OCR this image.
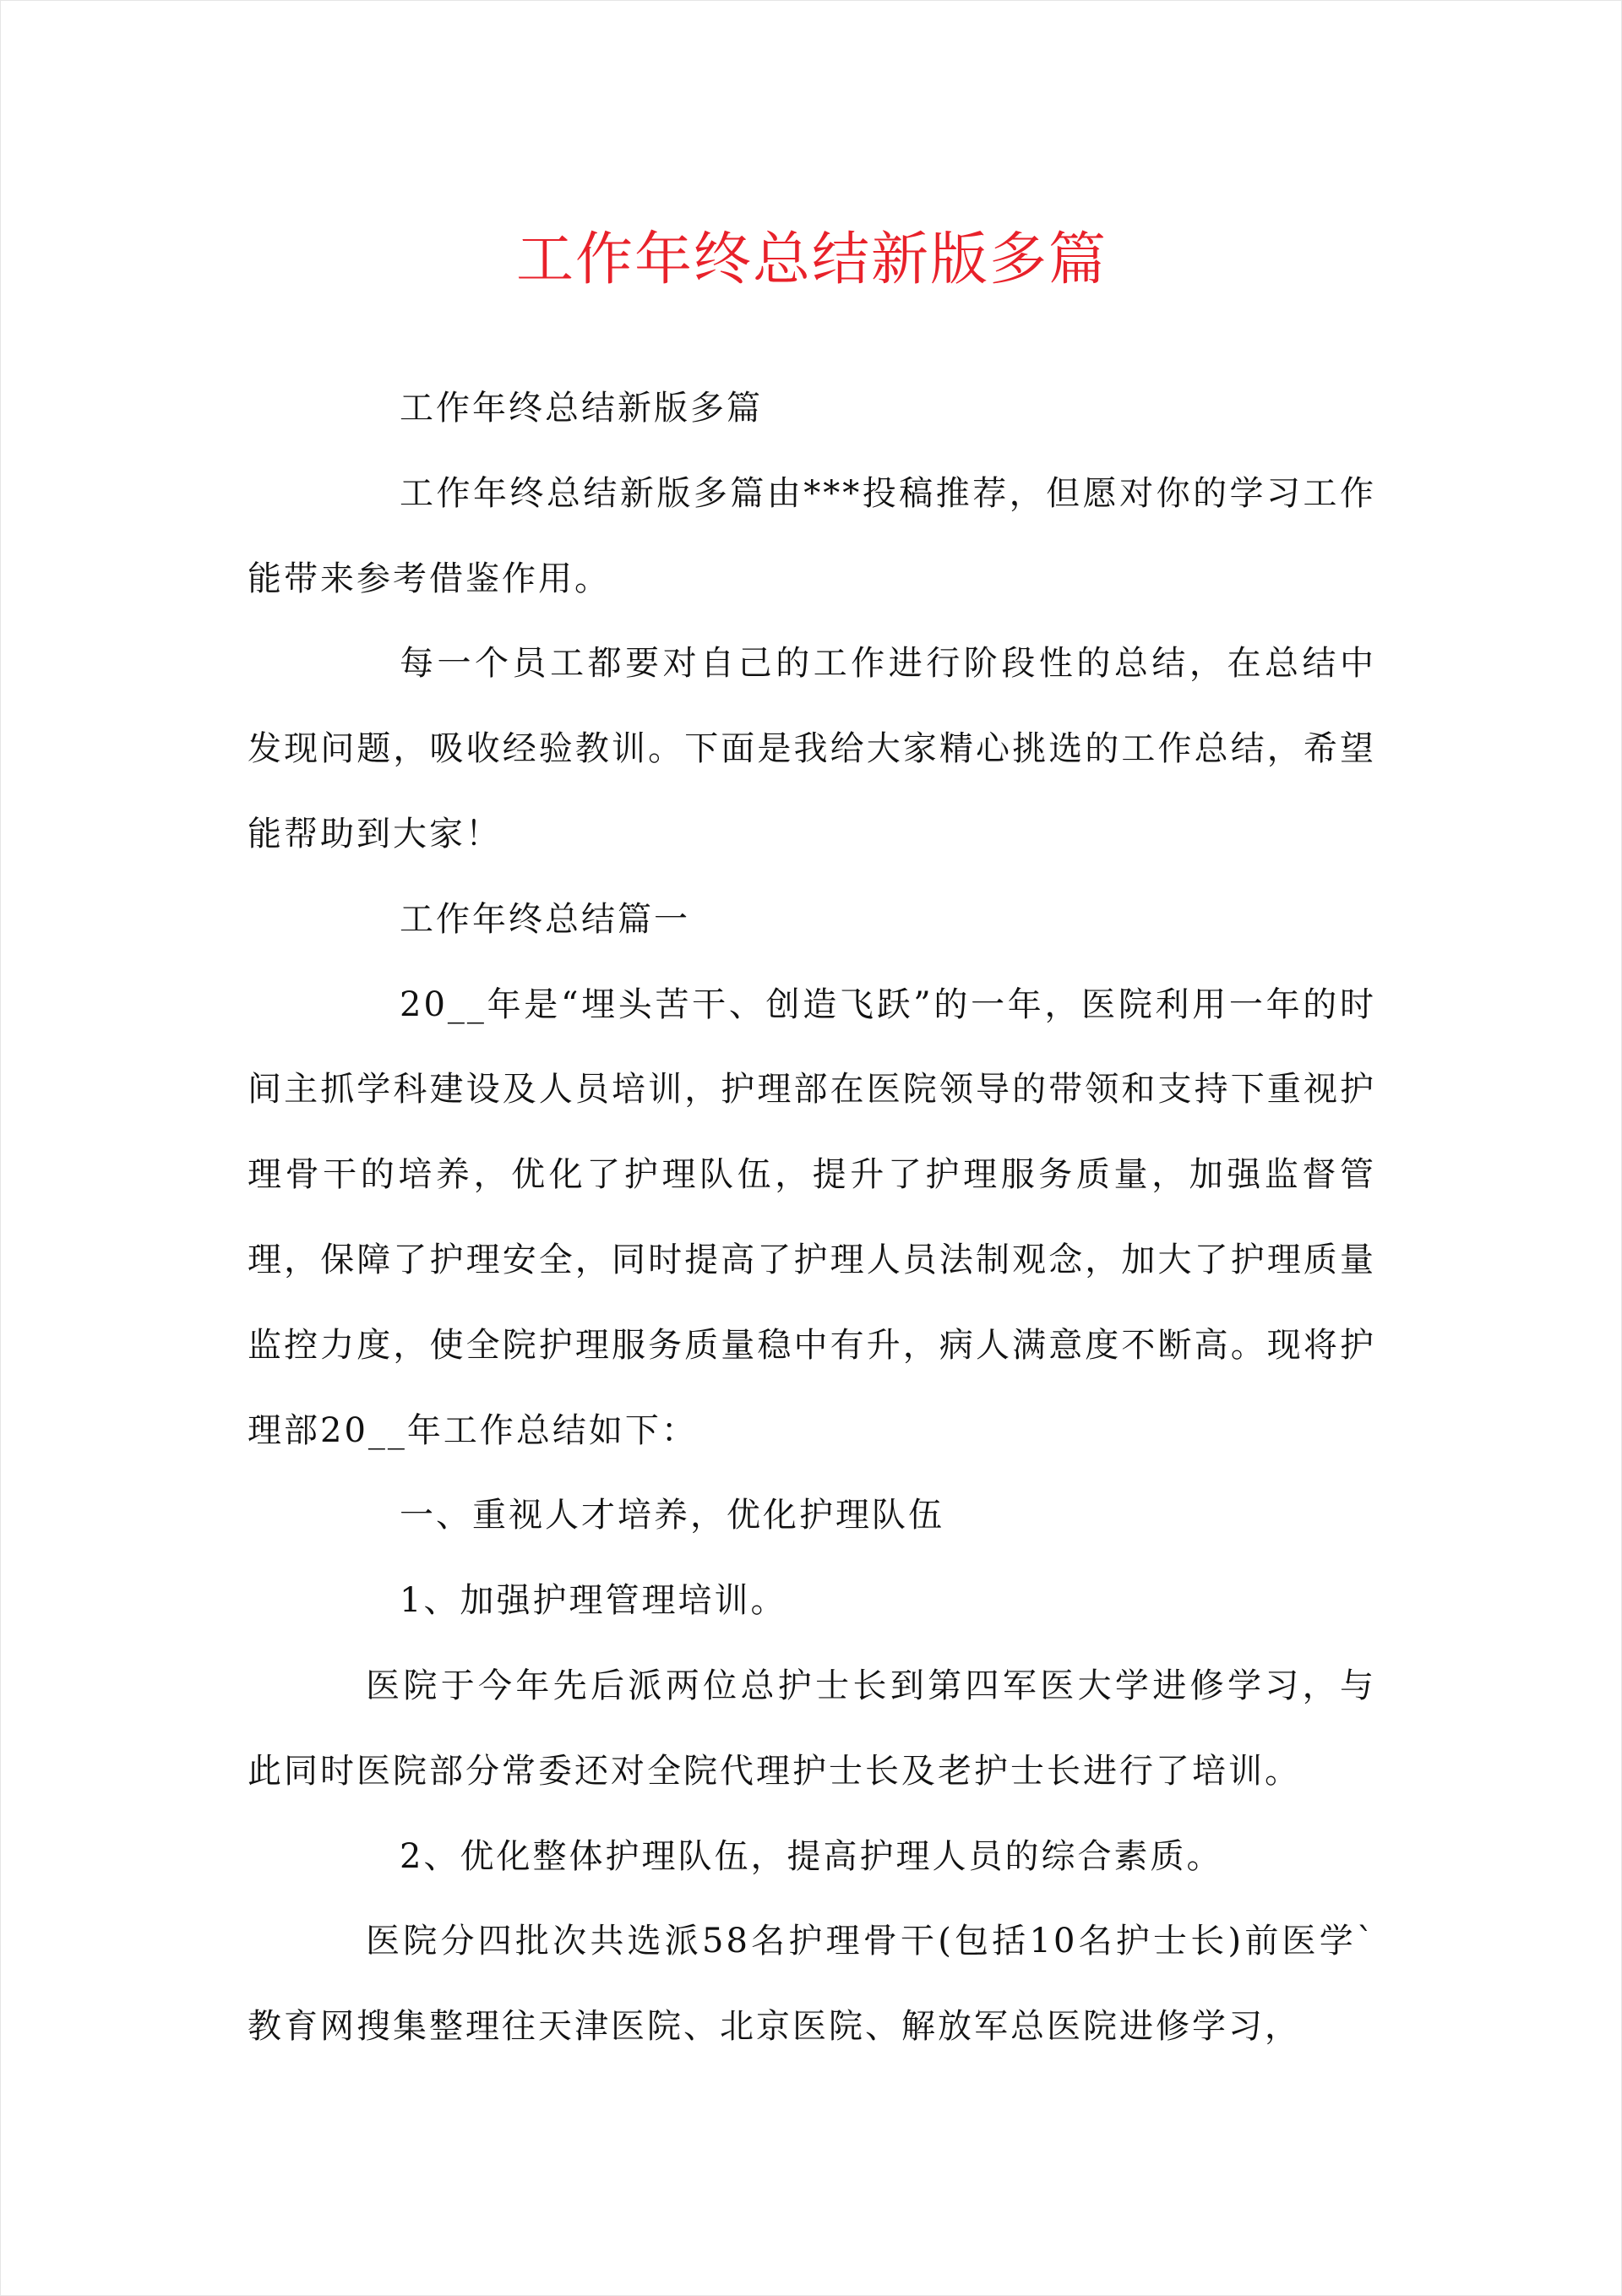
工作年终总结新版多篇

工作年终总结新版多篇

工作年终总结新版多篇由***投稿推荐，但愿对你的学习工作能带来参考借鉴作用。

每一个员工都要对自己的工作进行阶段性的总结，在总结中发现问题，吸收经验教训。下面是我给大家精心挑选的工作总结，希望能帮助到大家！

工作年终总结篇一

20__年是“埋头苦干、创造飞跃”的一年，医院利用一年的时间主抓学科建设及人员培训，护理部在医院领导的带领和支持下重视护理骨干的培养，优化了护理队伍，提升了护理服务质量，加强监督管理，保障了护理安全，同时提高了护理人员法制观念，加大了护理质量监控力度，使全院护理服务质量稳中有升，病人满意度不断高。现将护理部20__年工作总结如下：

一、重视人才培养，优化护理队伍

1、加强护理管理培训。

医院于今年先后派两位总护士长到第四军医大学进修学习，与此同时医院部分常委还对全院代理护士长及老护士长进行了培训。

2、优化整体护理队伍，提高护理人员的综合素质。

医院分四批次共选派58名护理骨干(包括10名护士长)前医学`教育网搜集整理往天津医院、北京医院、解放军总医院进修学习，
